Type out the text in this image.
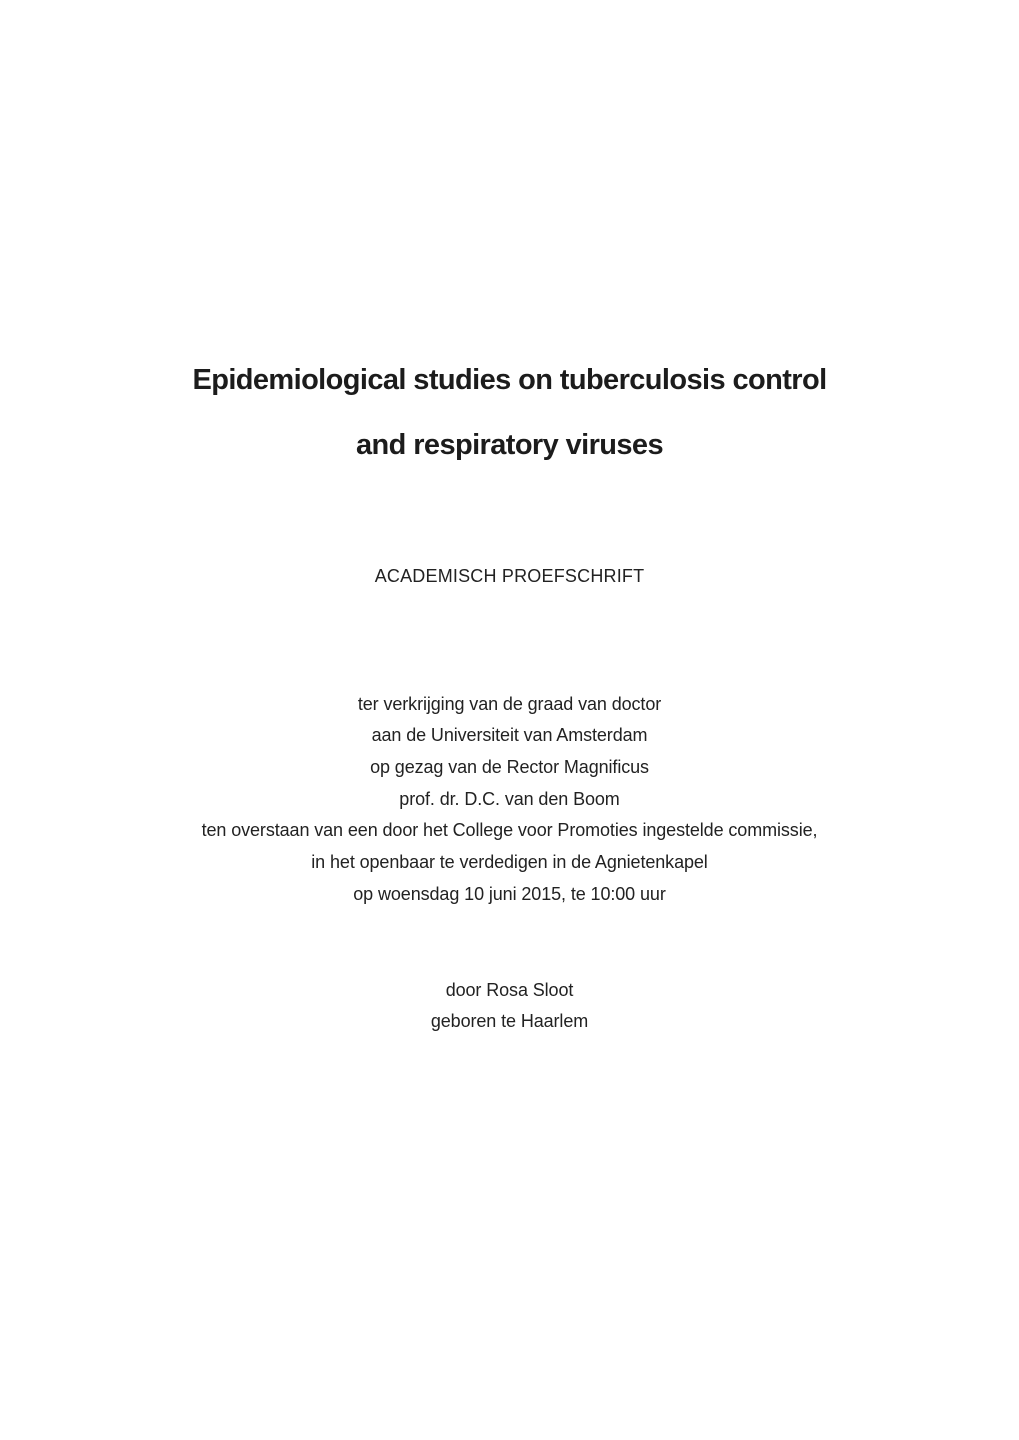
Epidemiological studies on tuberculosis control
and respiratory viruses
ACADEMISCH PROEFSCHRIFT
ter verkrijging van de graad van doctor
aan de Universiteit van Amsterdam
op gezag van de Rector Magnificus
prof. dr. D.C. van den Boom
ten overstaan van een door het College voor Promoties ingestelde commissie,
in het openbaar te verdedigen in de Agnietenkapel
op woensdag 10 juni 2015, te 10:00 uur
door Rosa Sloot
geboren te Haarlem
